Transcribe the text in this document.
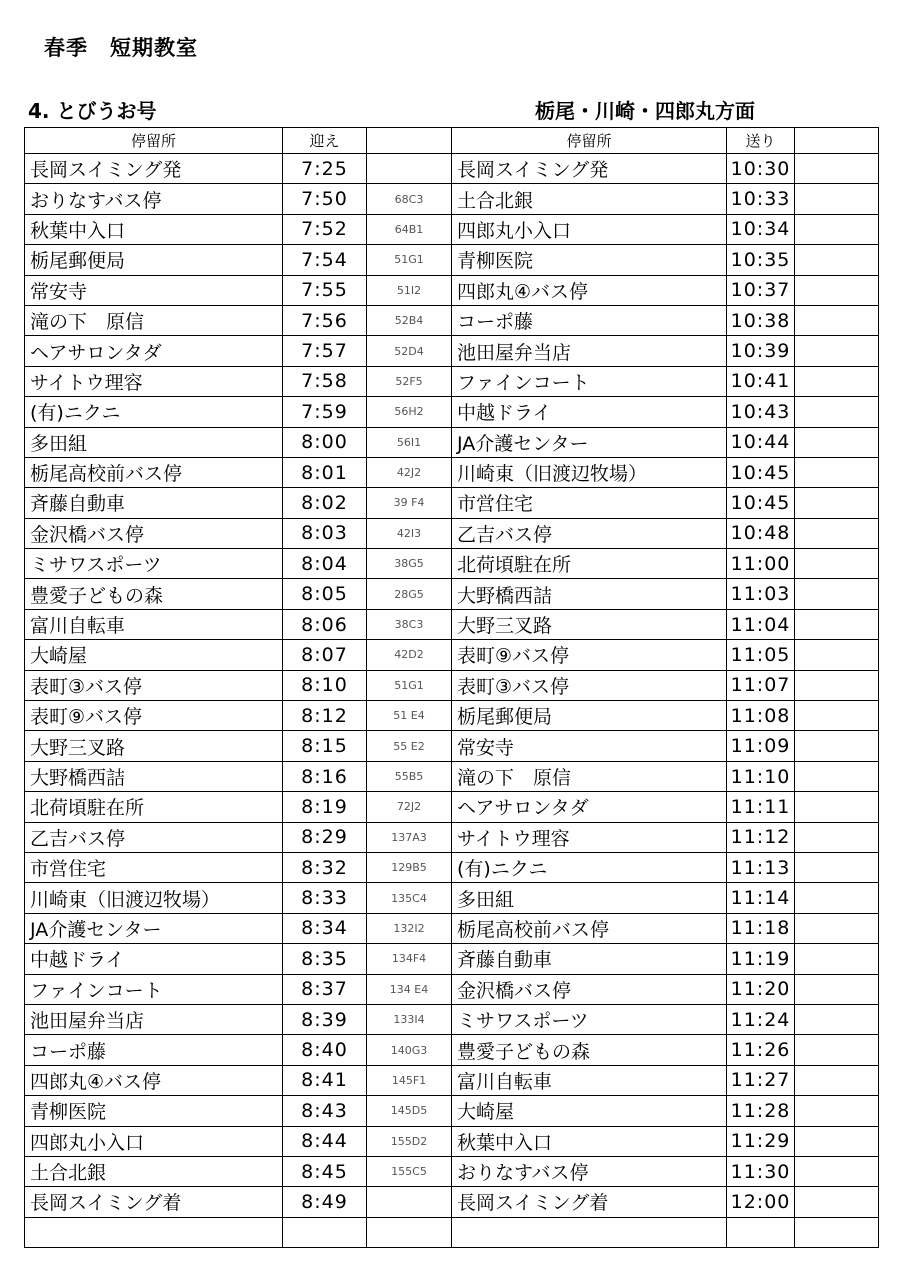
春季　短期教室
4. とびうお号	栃尾・川崎・四郎丸方面
停留所	迎え		停留所	送り	
長岡スイミング発	7:25		長岡スイミング発	10:30	
おりなすバス停	7:50	68C3	土合北銀	10:33	
秋葉中入口	7:52	64B1	四郎丸小入口	10:34	
栃尾郵便局	7:54	51G1	青柳医院	10:35	
常安寺	7:55	51I2	四郎丸④バス停	10:37	
滝の下　原信	7:56	52B4	コーポ藤	10:38	
ヘアサロンタダ	7:57	52D4	池田屋弁当店	10:39	
サイトウ理容	7:58	52F5	ファインコート	10:41	
(有)ニクニ	7:59	56H2	中越ドライ	10:43	
多田組	8:00	56I1	JA介護センター	10:44	
栃尾高校前バス停	8:01	42J2	川崎東（旧渡辺牧場）	10:45	
斉藤自動車	8:02	39 F4	市営住宅	10:45	
金沢橋バス停	8:03	42I3	乙吉バス停	10:48	
ミサワスポーツ	8:04	38G5	北荷頃駐在所	11:00	
豊愛子どもの森	8:05	28G5	大野橋西詰	11:03	
富川自転車	8:06	38C3	大野三叉路	11:04	
大崎屋	8:07	42D2	表町⑨バス停	11:05	
表町③バス停	8:10	51G1	表町③バス停	11:07	
表町⑨バス停	8:12	51 E4	栃尾郵便局	11:08	
大野三叉路	8:15	55 E2	常安寺	11:09	
大野橋西詰	8:16	55B5	滝の下　原信	11:10	
北荷頃駐在所	8:19	72J2	ヘアサロンタダ	11:11	
乙吉バス停	8:29	137A3	サイトウ理容	11:12	
市営住宅	8:32	129B5	(有)ニクニ	11:13	
川崎東（旧渡辺牧場）	8:33	135C4	多田組	11:14	
JA介護センター	8:34	132I2	栃尾高校前バス停	11:18	
中越ドライ	8:35	134F4	斉藤自動車	11:19	
ファインコート	8:37	134 E4	金沢橋バス停	11:20	
池田屋弁当店	8:39	133I4	ミサワスポーツ	11:24	
コーポ藤	8:40	140G3	豊愛子どもの森	11:26	
四郎丸④バス停	8:41	145F1	富川自転車	11:27	
青柳医院	8:43	145D5	大崎屋	11:28	
四郎丸小入口	8:44	155D2	秋葉中入口	11:29	
土合北銀	8:45	155C5	おりなすバス停	11:30	
長岡スイミング着	8:49		長岡スイミング着	12:00	
